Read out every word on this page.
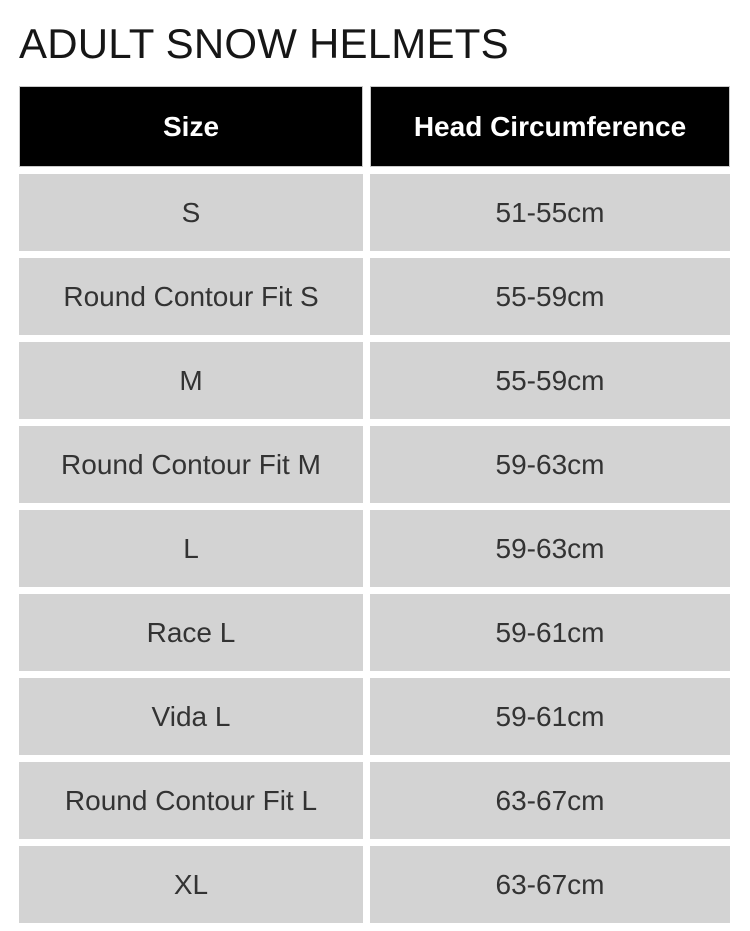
ADULT SNOW HELMETS
Size	Head Circumference
S	51-55cm
Round Contour Fit S	55-59cm
M	55-59cm
Round Contour Fit M	59-63cm
L	59-63cm
Race L	59-61cm
Vida L	59-61cm
Round Contour Fit L	63-67cm
XL	63-67cm
